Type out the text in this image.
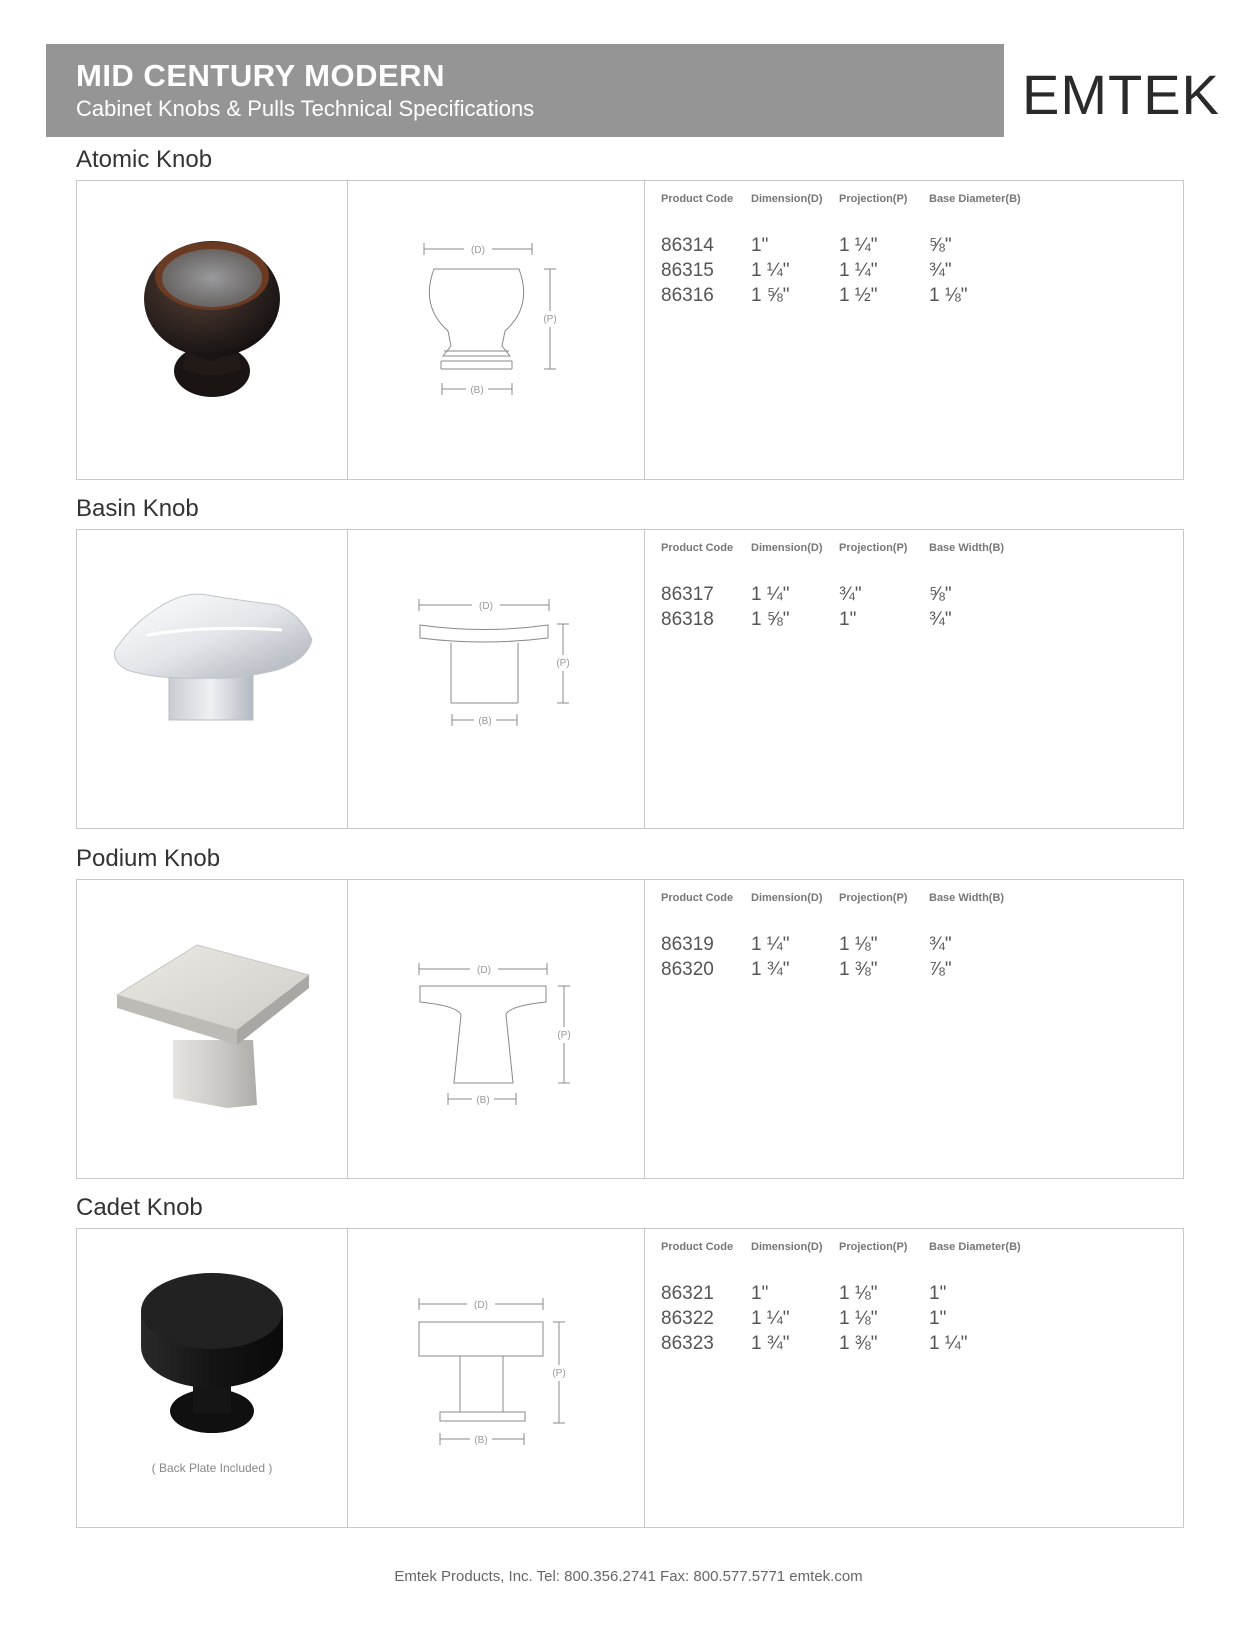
MID CENTURY MODERN
Cabinet Knobs & Pulls Technical Specifications	EMTEK
Atomic Knob
(D)
(P)
(B)
Product Code Dimension(D) Projection(P) Base Diameter(B)
86314 1"	1 ¼"	⅝"
86315 1 ¼"	1 ¼"	¾"
86316 1 ⅝"	1 ½"	1 ⅛"
Basin Knob
(D)
(P)
(B)
Product Code Dimension(D) Projection(P) Base Width(B)
86317 1 ¼"	¾"	⅝"
86318 1 ⅝"	1"	¾"
Podium Knob
(D)
(P)
(B)
Product Code Dimension(D) Projection(P) Base Width(B)
86319 1 ¼"	1 ⅛"	¾"
86320 1 ¾"	1 ⅜"	⅞"
Cadet Knob
( Back Plate Included )
(D)
(P)
(B)
Product Code Dimension(D) Projection(P) Base Diameter(B)
86321 1"	1 ⅛"	1"
86322 1 ¼"	1 ⅛"	1"
86323 1 ¾"	1 ⅜"	1 ¼"
Emtek Products, Inc. Tel: 800.356.2741 Fax: 800.577.5771 emtek.com
